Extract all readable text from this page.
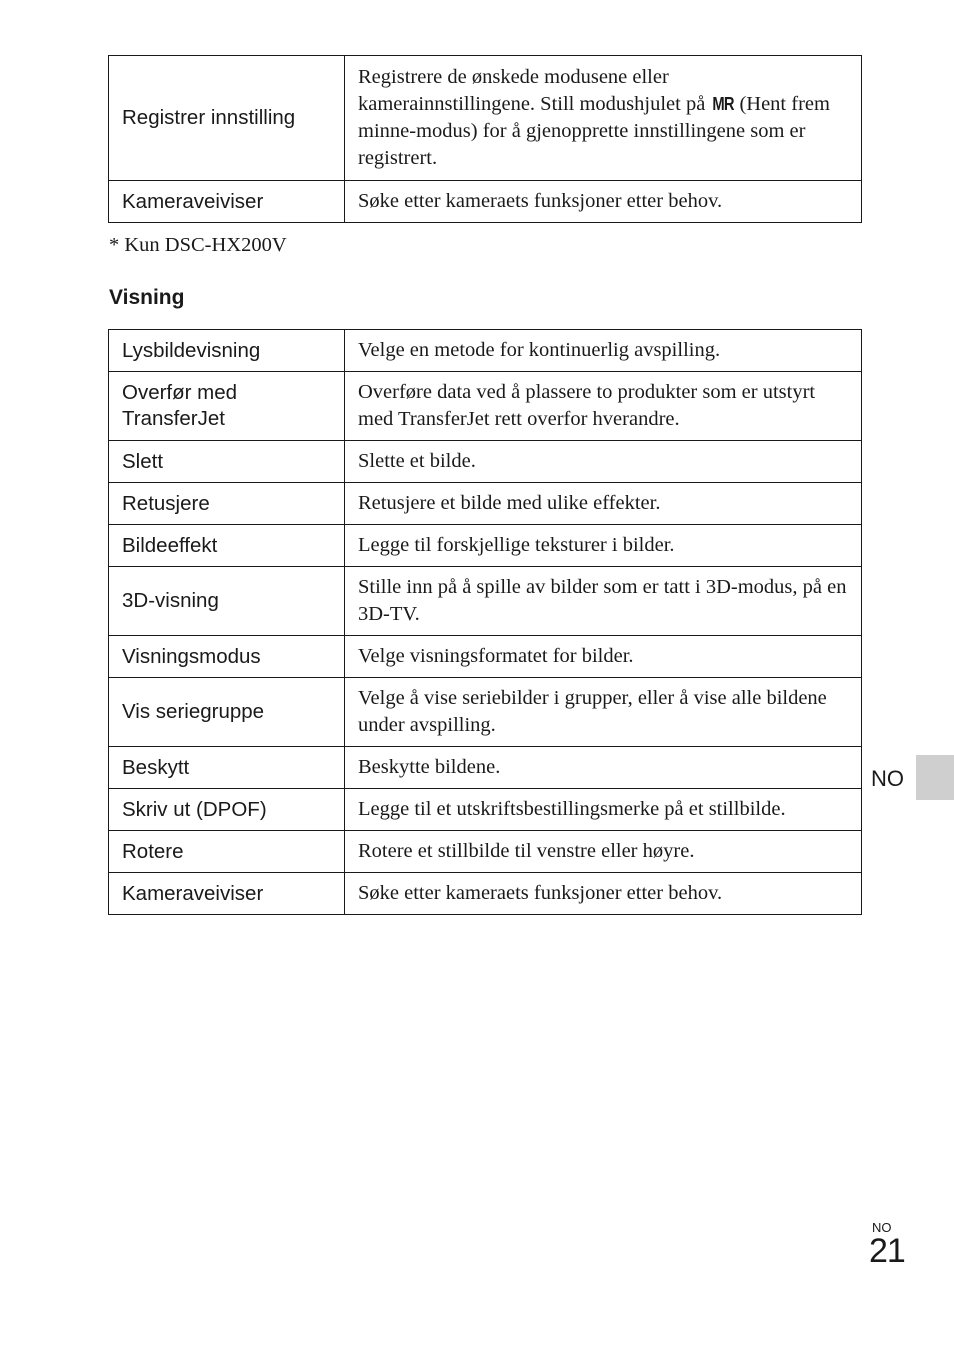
Registrer innstilling	Registrere de ønskede modusene eller kamerainnstillingene. Still modushjulet på MR (Hent frem minne-modus) for å gjenopprette innstillingene som er registrert.
Kameraveiviser	Søke etter kameraets funksjoner etter behov.
* Kun DSC-HX200V
Visning
Lysbildevisning	Velge en metode for kontinuerlig avspilling.
Overfør med TransferJet	Overføre data ved å plassere to produkter som er utstyrt med TransferJet rett overfor hverandre.
Slett	Slette et bilde.
Retusjere	Retusjere et bilde med ulike effekter.
Bildeeffekt	Legge til forskjellige teksturer i bilder.
3D-visning	Stille inn på å spille av bilder som er tatt i 3D-modus, på en 3D-TV.
Visningsmodus	Velge visningsformatet for bilder.
Vis seriegruppe	Velge å vise seriebilder i grupper, eller å vise alle bildene under avspilling.
Beskytt	Beskytte bildene.
Skriv ut (DPOF)	Legge til et utskriftsbestillingsmerke på et stillbilde.
Rotere	Rotere et stillbilde til venstre eller høyre.
Kameraveiviser	Søke etter kameraets funksjoner etter behov.
NO
NO
21
